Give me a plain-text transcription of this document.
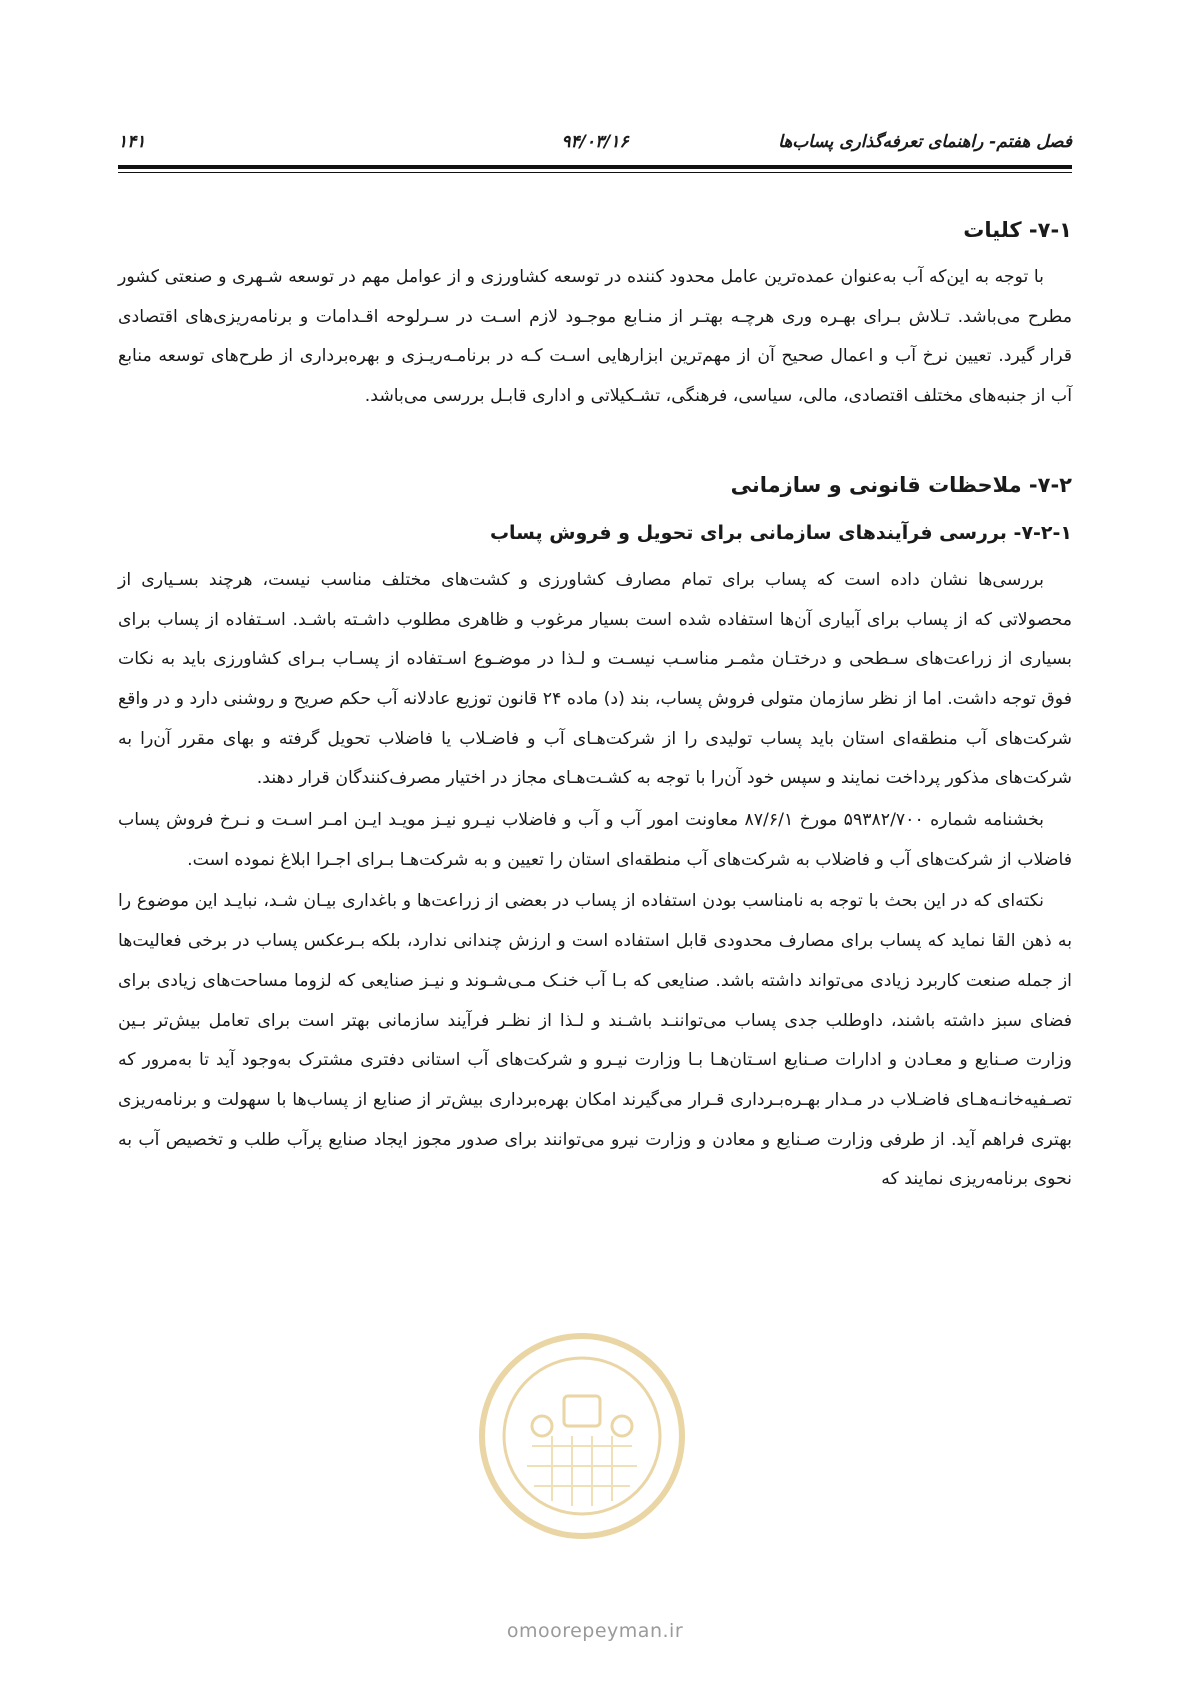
۱۴۱	۹۴/۰۳/۱۶	فصل هفتم- راهنمای تعرفه‌گذاری پساب‌ها
۷-۱- کلیات

با توجه به این‌که آب به‌عنوان عمده‌ترین عامل محدود کننده در توسعه کشاورزی و از عوامل مهم در توسعه شـهری و صنعتی کشور مطرح می‌باشد. تـلاش بـرای بهـره وری هرچـه بهتـر از منـابع موجـود لازم اسـت در سـرلوحه اقـدامات و برنامه‌ریزی‌های اقتصادی قرار گیرد. تعیین نرخ آب و اعمال صحیح آن از مهم‌ترین ابزارهایی اسـت کـه در برنامـه‌ریـزی و بهره‌برداری از طرح‌های توسعه منابع آب از جنبه‌های مختلف اقتصادی، مالی، سیاسی، فرهنگی، تشـکیلاتی و اداری قابـل بررسی می‌باشد.

۷-۲- ملاحظات قانونی و سازمانی
۷-۲-۱- بررسی فرآیندهای سازمانی برای تحویل و فروش پساب

بررسی‌ها نشان داده است که پساب برای تمام مصارف کشاورزی و کشت‌های مختلف مناسب نیست، هرچند بسـیاری از محصولاتی که از پساب برای آبیاری آن‌ها استفاده شده است بسیار مرغوب و ظاهری مطلوب داشـته باشـد. اسـتفاده از پساب برای بسیاری از زراعت‌های سـطحی و درختـان مثمـر مناسـب نیسـت و لـذا در موضـوع اسـتفاده از پسـاب بـرای کشاورزی باید به نکات فوق توجه داشت. اما از نظر سازمان متولی فروش پساب، بند (د) ماده ۲۴ قانون توزیع عادلانه آب حکم صریح و روشنی دارد و در واقع شرکت‌های آب منطقه‌ای استان باید پساب تولیدی را از شرکت‌هـای آب و فاضـلاب یا فاضلاب تحویل گرفته و بهای مقرر آن‌را به شرکت‌های مذکور پرداخت نمایند و سپس خود آن‌را با توجه به کشـت‌هـای مجاز در اختیار مصرف‌کنندگان قرار دهند.

بخشنامه شماره ۵۹۳۸۲/۷۰۰ مورخ ۸۷/۶/۱ معاونت امور آب و آب و فاضلاب نیـرو نیـز مویـد ایـن امـر اسـت و نـرخ فروش پساب فاضلاب از شرکت‌های آب و فاضلاب به شرکت‌های آب منطقه‌ای استان را تعیین و به شرکت‌هـا بـرای اجـرا ابلاغ نموده است.

نکته‌ای که در این بحث با توجه به نامناسب بودن استفاده از پساب در بعضی از زراعت‌ها و باغداری بیـان شـد، نبایـد این موضوع را به ذهن القا نماید که پساب برای مصارف محدودی قابل استفاده است و ارزش چندانی ندارد، بلکه بـرعکس پساب در برخی فعالیت‌ها از جمله صنعت کاربرد زیادی می‌تواند داشته باشد. صنایعی که بـا آب خنـک مـی‌شـوند و نیـز صنایعی که لزوما مساحت‌های زیادی برای فضای سبز داشته باشند، داوطلب جدی پساب می‌تواننـد باشـند و لـذا از نظـر فرآیند سازمانی بهتر است برای تعامل بیش‌تر بـین وزارت صـنایع و معـادن و ادارات صـنایع اسـتان‌هـا بـا وزارت نیـرو و شرکت‌های آب استانی دفتری مشترک به‌وجود آید تا به‌مرور که تصـفیه‌خانـه‌هـای فاضـلاب در مـدار بهـره‌بـرداری قـرار می‌گیرند امکان بهره‌برداری بیش‌تر از صنایع از پساب‌ها با سهولت و برنامه‌ریزی بهتری فراهم آید. از طرفی وزارت صـنایع و معادن و وزارت نیرو می‌توانند برای صدور مجوز ایجاد صنایع پرآب طلب و تخصیص آب به نحوی برنامه‌ریزی نمایند که

omoorepeyman.ir
